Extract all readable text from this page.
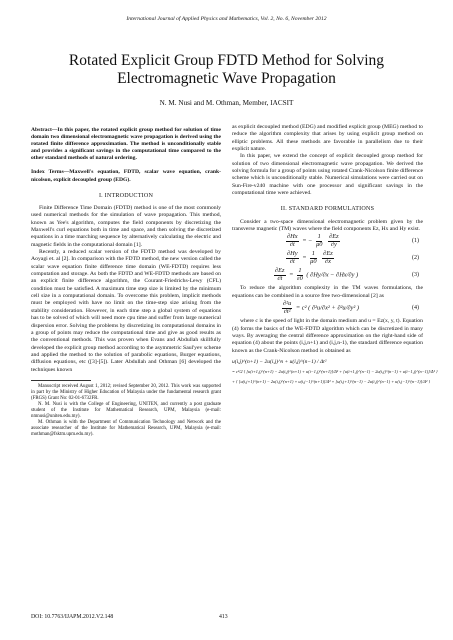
International Journal of Applied Physics and Mathematics, Vol. 2, No. 6, November 2012
Rotated Explicit Group FDTD Method for Solving
Electromagnetic Wave Propagation
N. M. Nusi and M. Othman, Member, IACSIT
Abstract—In this paper, the rotated explicit group method for solution of time domain two dimensional electromagnetic wave propagation is derived using the rotated finite difference approximation. The method is unconditionally stable and provides a significant savings in the computational time compared to the other standard methods of natural ordering.
Index Terms—Maxwell's equation, FDTD, scalar wave equation, crank-nicolson, explicit decoupled group (EDG).
I. INTRODUCTION

Finite Difference Time Domain (FDTD) method is one of the most commonly used numerical methods for the simulation of wave propagation. This method, known as Yee's algorithm, computes the field components by discretizing the Maxwell's curl equations both in time and space, and then solving the discretized equations in a time marching sequence by alternatively calculating the electric and magnetic fields in the computational domain [1].

Recently, a reduced scalar version of the FDTD method was developed by Aoyagi et. al [2]. In comparison with the FDTD method, the new version called the scalar wave equation finite difference time domain (WE-FDTD) requires less computation and storage. As both the FDTD and WE-FDTD methods are based on an explicit finite difference algorithm, the Courant-Friedrichs-Lewy (CFL) condition must be satisfied. A maximum time step size is limited by the minimum cell size in a computational domain. To overcome this problem, implicit methods must be employed with have no limit on the time-step size arising from the stability consideration. However, in each time step a global system of equations has to be solved of which will need more cpu time and suffer from large numerical dispersion error. Solving the problems by discretizing its computational domains in a group of points may reduce the computational time and give as good results as the conventional methods. This was proven when Evans and Abdullah skillfully developed the explicit group method according to the asymmetric Saul'yev scheme and applied the method to the solution of parabolic equations, Burger equations, diffusion equations, etc ([3]-[5]). Later Abdullah and Othman [6] developed the techniques known

Manuscript received August 1, 2012; revised September 20, 2012. This work was supported in part by the Ministry of Higher Education of Malaysia under the fundamental research grant (FRGS) Grant No: 02-01-6732FR.

N. M. Nusi is with the College of Engineering, UNITEN, and currently a post graduate student of the Institute for Mathematical Research, UPM, Malaysia (e-mail: nmnusi@uniten.edu.my).

M. Othman is with the Department of Communication Technology and Network and the associate researcher of the Institute for Mathematical Research, UPM, Malaysia (e-mail: mothman@fsktm.upm.edu.my).

as explicit decoupled method (EDG) and modified explicit group (MEG) method to reduce the algorithm complexity that arises by using explicit group method on elliptic problems. All these methods are favorable in parallelism due to their explicit nature.

In this paper, we extend the concept of explicit decoupled group method for solution of two dimensional electromagnetic wave propagation. We derived the solving formula for a group of points using rotated Crank-Nicolson finite difference scheme which is unconditionally stable. Numerical simulations were carried out on Sun-Fire-v240 machine with one processor and significant savings in the computational time were achieved.

II. STANDARD FORMULATIONS

Consider a two-space dimensional electromagnetic problem given by the transverse magnetic (TM) waves where the field components Ez, Hx and Hy exist.

$\frac{\partial Hx}{\partial t}$ = − $\frac{1}{\mu 0}$
$\frac{\partial Ez}{\partial y}$	(1)
$\frac{\partial Hy}{\partial t} = \frac{1}{\mu 0}$
$\frac{\partial Ez}{\partial x}$	(2)
$\frac{\partial Ez}{\partial t} = \frac{1}{\varepsilon 0}$ ( ∂Hy/∂x − ∂Hx/∂y )	(3)

To reduce the algorithm complexity in the TM waves formulations, the equations can be combined in a source free two-dimensional [2] as

$\frac{\text{∂²u}}{\text{∂t²}} = c^2$ ( ∂²u/∂x² + ∂²u/∂y² )	(4)

where c is the speed of light in the domain medium and u = Ez(x, y, t). Equation (4) forms the basics of the WE-FDTD algorithm which can be discretized in many ways. By averaging the central difference approximation on the right-hand side of equation (4) about the points (i,j,n+1) and (i,j,n-1), the standard difference equation known as the Crank-Nicolson method is obtained as

u(i,j)^(n+1) − 2u(i,j)^n + u(i,j)^(n−1) / Δt²
= c²/2 { [u(i+1,j)^(n+1) − 2u(i,j)^(n+1) + u(i−1,j)^(n+1)]/Δ² + [u(i+1,j)^(n−1) − 2u(i,j)^(n−1) + u(i−1,j)^(n−1)]/Δ² }
+ { [u(i,j+1)^(n+1) − 2u(i,j)^(n+1) + u(i,j−1)^(n+1)]/Δ² + [u(i,j+1)^(n−1) − 2u(i,j)^(n−1) + u(i,j−1)^(n−1)]/Δ² }
DOI: 10.7763/IJAPM.2012.V2.148	413
